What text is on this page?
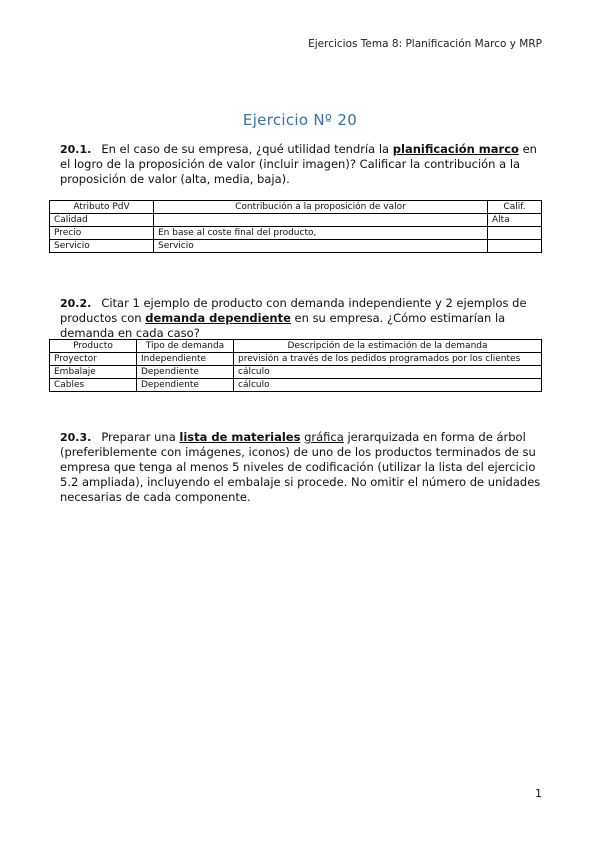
Ejercicios Tema 8: Planificación Marco y MRP
Ejercicio Nº 20
20.1. En el caso de su empresa, ¿qué utilidad tendría la planificación marco en el logro de la proposición de valor (incluir imagen)? Calificar la contribución a la proposición de valor (alta, media, baja).
Atributo PdV	Contribución a la proposición de valor	Calif.
Calidad		Alta
Precio	En base al coste final del producto,	
Servicio	Servicio	
20.2. Citar 1 ejemplo de producto con demanda independiente y 2 ejemplos de productos con demanda dependiente en su empresa. ¿Cómo estimarían la demanda en cada caso?
Producto	Tipo de demanda	Descripción de la estimación de la demanda
Proyector	Independiente	previsión a través de los pedidos programados por los clientes
Embalaje	Dependiente	cálculo
Cables	Dependiente	cálculo
20.3. Preparar una lista de materiales gráfica jerarquizada en forma de árbol (preferiblemente con imágenes, iconos) de uno de los productos terminados de su empresa que tenga al menos 5 niveles de codificación (utilizar la lista del ejercicio 5.2 ampliada), incluyendo el embalaje si procede. No omitir el número de unidades necesarias de cada componente.
1
